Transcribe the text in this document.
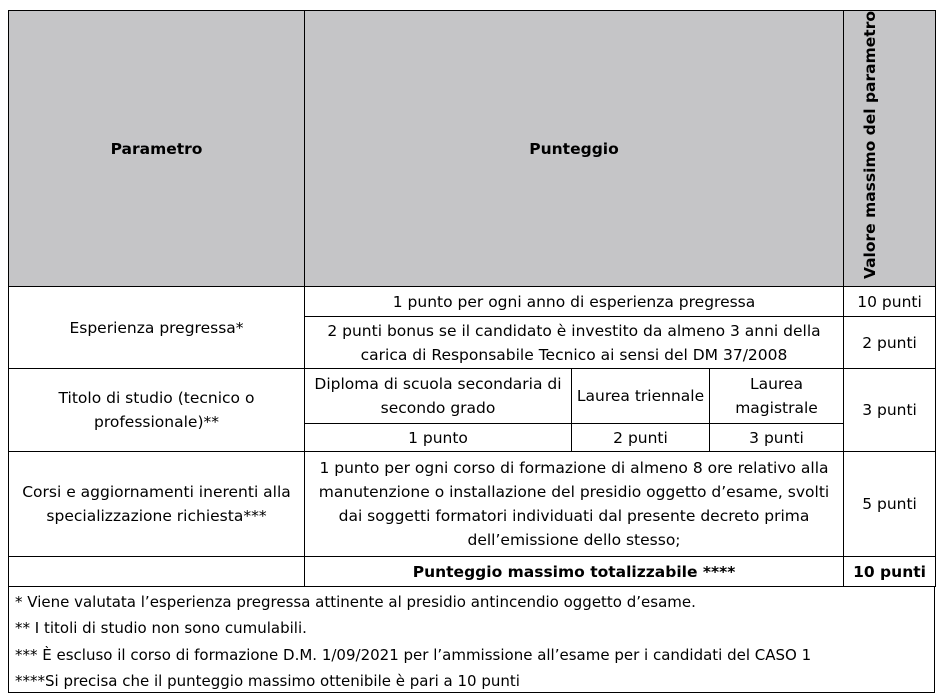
Parametro	Punteggio			Valore massimo del parametro
Esperienza pregressa*	1 punto per ogni anno di esperienza pregressa			10 punti
	2 punti bonus se il candidato è investito da almeno 3 anni della carica di Responsabile Tecnico ai sensi del DM 37/2008			2 punti
Titolo di studio (tecnico o professionale)**	Diploma di scuola secondaria di secondo grado	Laurea triennale	Laurea magistrale	3 punti
	1 punto	2 punti	3 punti	
Corsi e aggiornamenti inerenti alla specializzazione richiesta***	1 punto per ogni corso di formazione di almeno 8 ore relativo alla manutenzione o installazione del presidio oggetto d’esame, svolti dai soggetti formatori individuati dal presente decreto prima dell’emissione dello stesso;			5 punti
	Punteggio massimo totalizzabile ****			10 punti
* Viene valutata l’esperienza pregressa attinente al presidio antincendio oggetto d’esame.
** I titoli di studio non sono cumulabili.
*** È escluso il corso di formazione D.M. 1/09/2021 per l’ammissione all’esame per i candidati del CASO 1
****Si precisa che il punteggio massimo ottenibile è pari a 10 punti
